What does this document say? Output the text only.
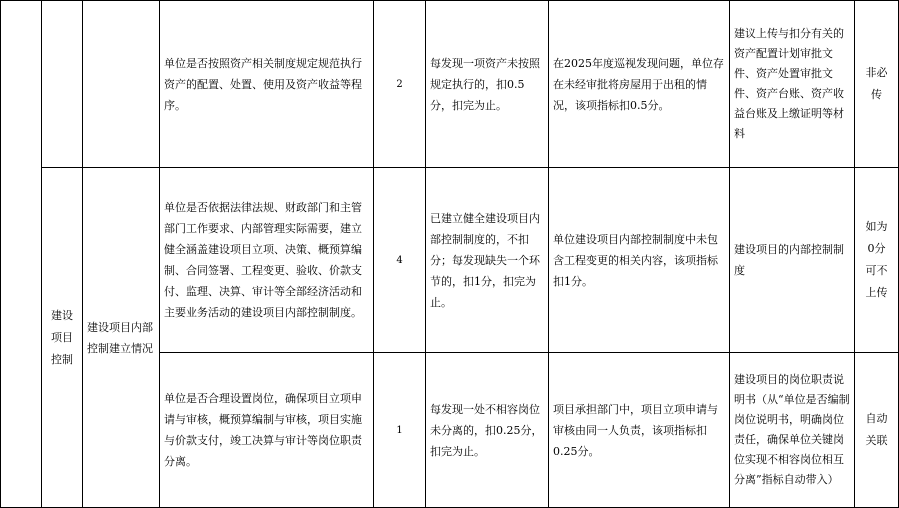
			单位是否按照资产相关制度规定规范执行资产的配置、处置、使用及资产收益等程序。	2	每发现一项资产未按照规定执行的，扣0.5分，扣完为止。	在2025年度巡视发现问题，单位存在未经审批将房屋用于出租的情况，该项指标扣0.5分。	建议上传与扣分有关的资产配置计划审批文件、资产处置审批文件、资产台账、资产收益台账及上缴证明等材料	非必传
	建设项目控制	建设项目内部控制建立情况	单位是否依据法律法规、财政部门和主管部门工作要求、内部管理实际需要，建立健全涵盖建设项目立项、决策、概预算编制、合同签署、工程变更、验收、价款支付、监理、决算、审计等全部经济活动和主要业务活动的建设项目内部控制制度。	4	已建立健全建设项目内部控制制度的，不扣分；每发现缺失一个环节的，扣1分，扣完为止。	单位建设项目内部控制制度中未包含工程变更的相关内容，该项指标扣1分。	建设项目的内部控制制度	如为0分可不上传
			单位是否合理设置岗位，确保项目立项申请与审核，概预算编制与审核，项目实施与价款支付，竣工决算与审计等岗位职责分离。	1	每发现一处不相容岗位未分离的，扣0.25分，扣完为止。	项目承担部门中，项目立项申请与审核由同一人负责，该项指标扣0.25分。	建设项目的岗位职责说明书（从“单位是否编制岗位说明书，明确岗位责任，确保单位关键岗位实现不相容岗位相互分离”指标自动带入）	自动关联
